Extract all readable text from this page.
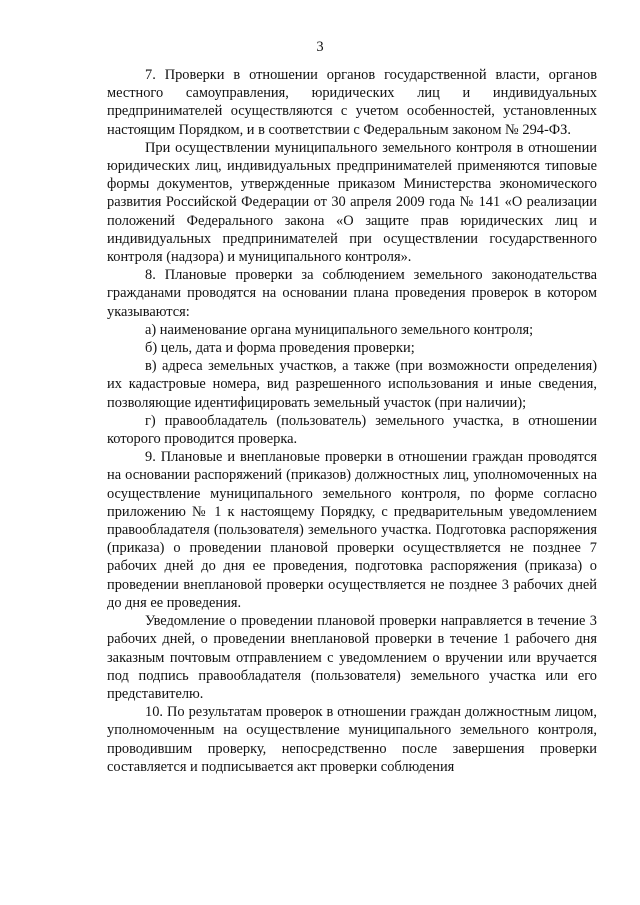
3

7. Проверки в отношении органов государственной власти, органов местного самоуправления, юридических лиц и индивидуальных предпринимателей осуществляются с учетом особенностей, установленных настоящим Порядком, и в соответствии с Федеральным законом № 294-ФЗ.

При осуществлении муниципального земельного контроля в отношении юридических лиц, индивидуальных предпринимателей применяются типовые формы документов, утвержденные приказом Министерства экономического развития Российской Федерации от 30 апреля 2009 года № 141 «О реализации положений Федерального закона «О защите прав юридических лиц и индивидуальных предпринимателей при осуществлении государственного контроля (надзора) и муниципального контроля».

8. Плановые проверки за соблюдением земельного законодательства гражданами проводятся на основании плана проведения проверок в котором указываются:

а) наименование органа муниципального земельного контроля;

б) цель, дата и форма проведения проверки;

в) адреса земельных участков, а также (при возможности определения) их кадастровые номера, вид разрешенного использования и иные сведения, позволяющие идентифицировать земельный участок (при наличии);

г) правообладатель (пользователь) земельного участка, в отношении которого проводится проверка.

9. Плановые и внеплановые проверки в отношении граждан проводятся на основании распоряжений (приказов) должностных лиц, уполномоченных на осуществление муниципального земельного контроля, по форме согласно приложению № 1 к настоящему Порядку, с предварительным уведомлением правообладателя (пользователя) земельного участка. Подготовка распоряжения (приказа) о проведении плановой проверки осуществляется не позднее 7 рабочих дней до дня ее проведения, подготовка распоряжения (приказа) о проведении внеплановой проверки осуществляется не позднее 3 рабочих дней до дня ее проведения.

Уведомление о проведении плановой проверки направляется в течение 3 рабочих дней, о проведении внеплановой проверки в течение 1 рабочего дня заказным почтовым отправлением с уведомлением о вручении или вручается под подпись правообладателя (пользователя) земельного участка или его представителю.

10. По результатам проверок в отношении граждан должностным лицом, уполномоченным на осуществление муниципального земельного контроля, проводившим проверку, непосредственно после завершения проверки составляется и подписывается акт проверки соблюдения
